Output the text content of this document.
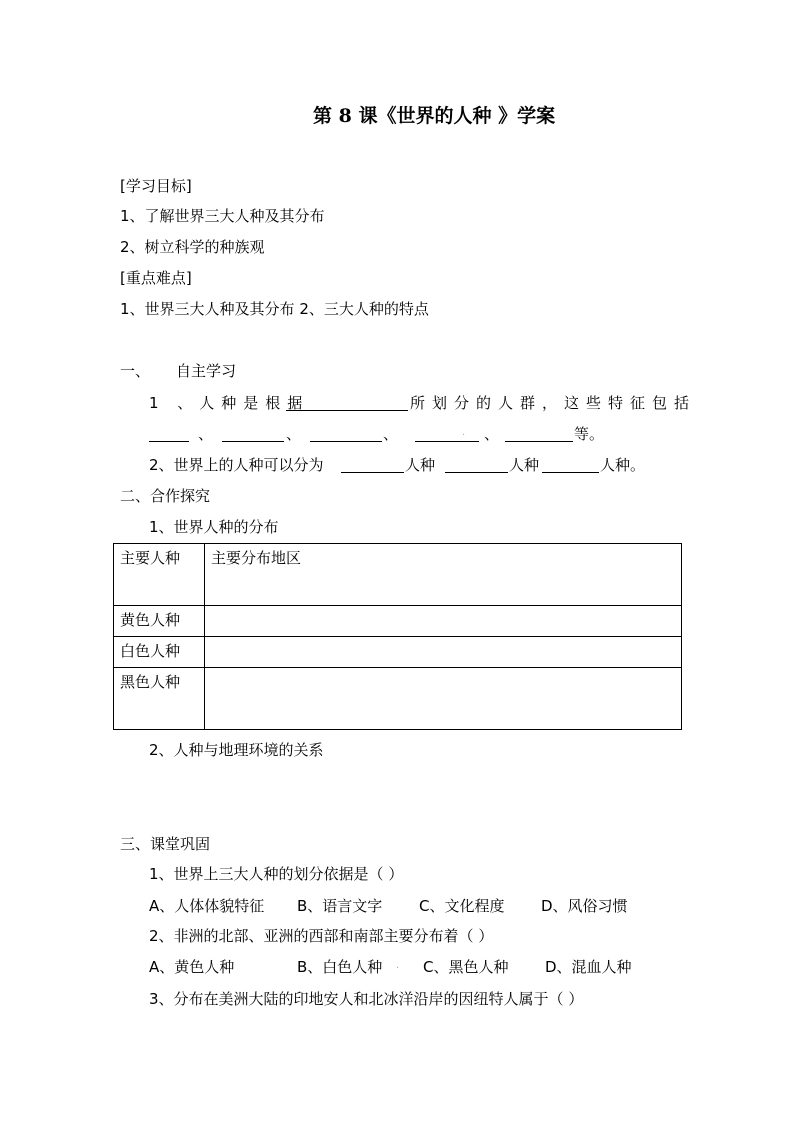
第 8 课《世界的人种 》学案
[学习目标]
1、了解世界三大人种及其分布
2、树立科学的种族观
[重点难点]
1、世界三大人种及其分布 2、三大人种的特点
一、 自主学习
1 、人种是根据	所划分的人群，这些特征包括
、	、	、	. 、	等。
2、世界上的人种可以分为	人种	人种	人种。
二、合作探究
1、世界人种的分布
主要人种	主要分布地区
黄色人种	
白色人种	
黑色人种	
2、人种与地理环境的关系
三、课堂巩固
1、世界上三大人种的划分依据是（ ）
A、人体体貌特征 B、语言文字 C、文化程度 D、风俗习惯
2、非洲的北部、亚洲的西部和南部主要分布着（ ）
A、黄色人种	B、白色人种 . C、黑色人种 D、混血人种
3、分布在美洲大陆的印地安人和北冰洋沿岸的因纽特人属于（ ）
